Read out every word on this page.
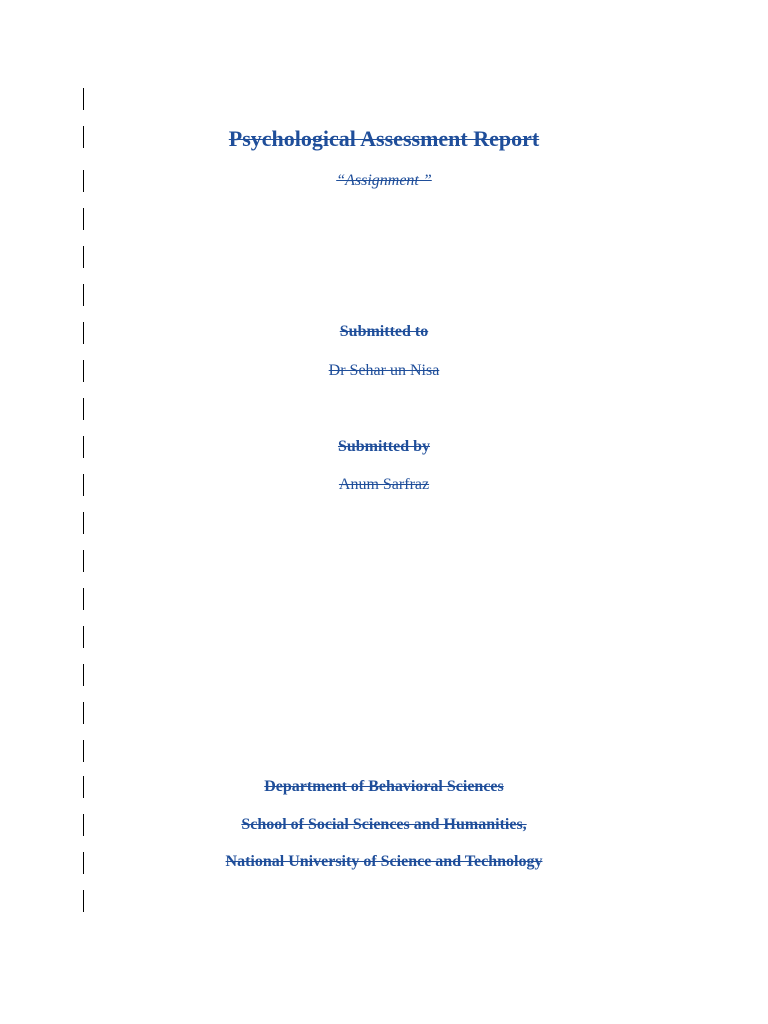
Psychological Assessment Report
“Assignment ”
Submitted to
Dr Sehar un Nisa
Submitted by
Anum Sarfraz
Department of Behavioral Sciences
School of Social Sciences and Humanities,
National University of Science and Technology
